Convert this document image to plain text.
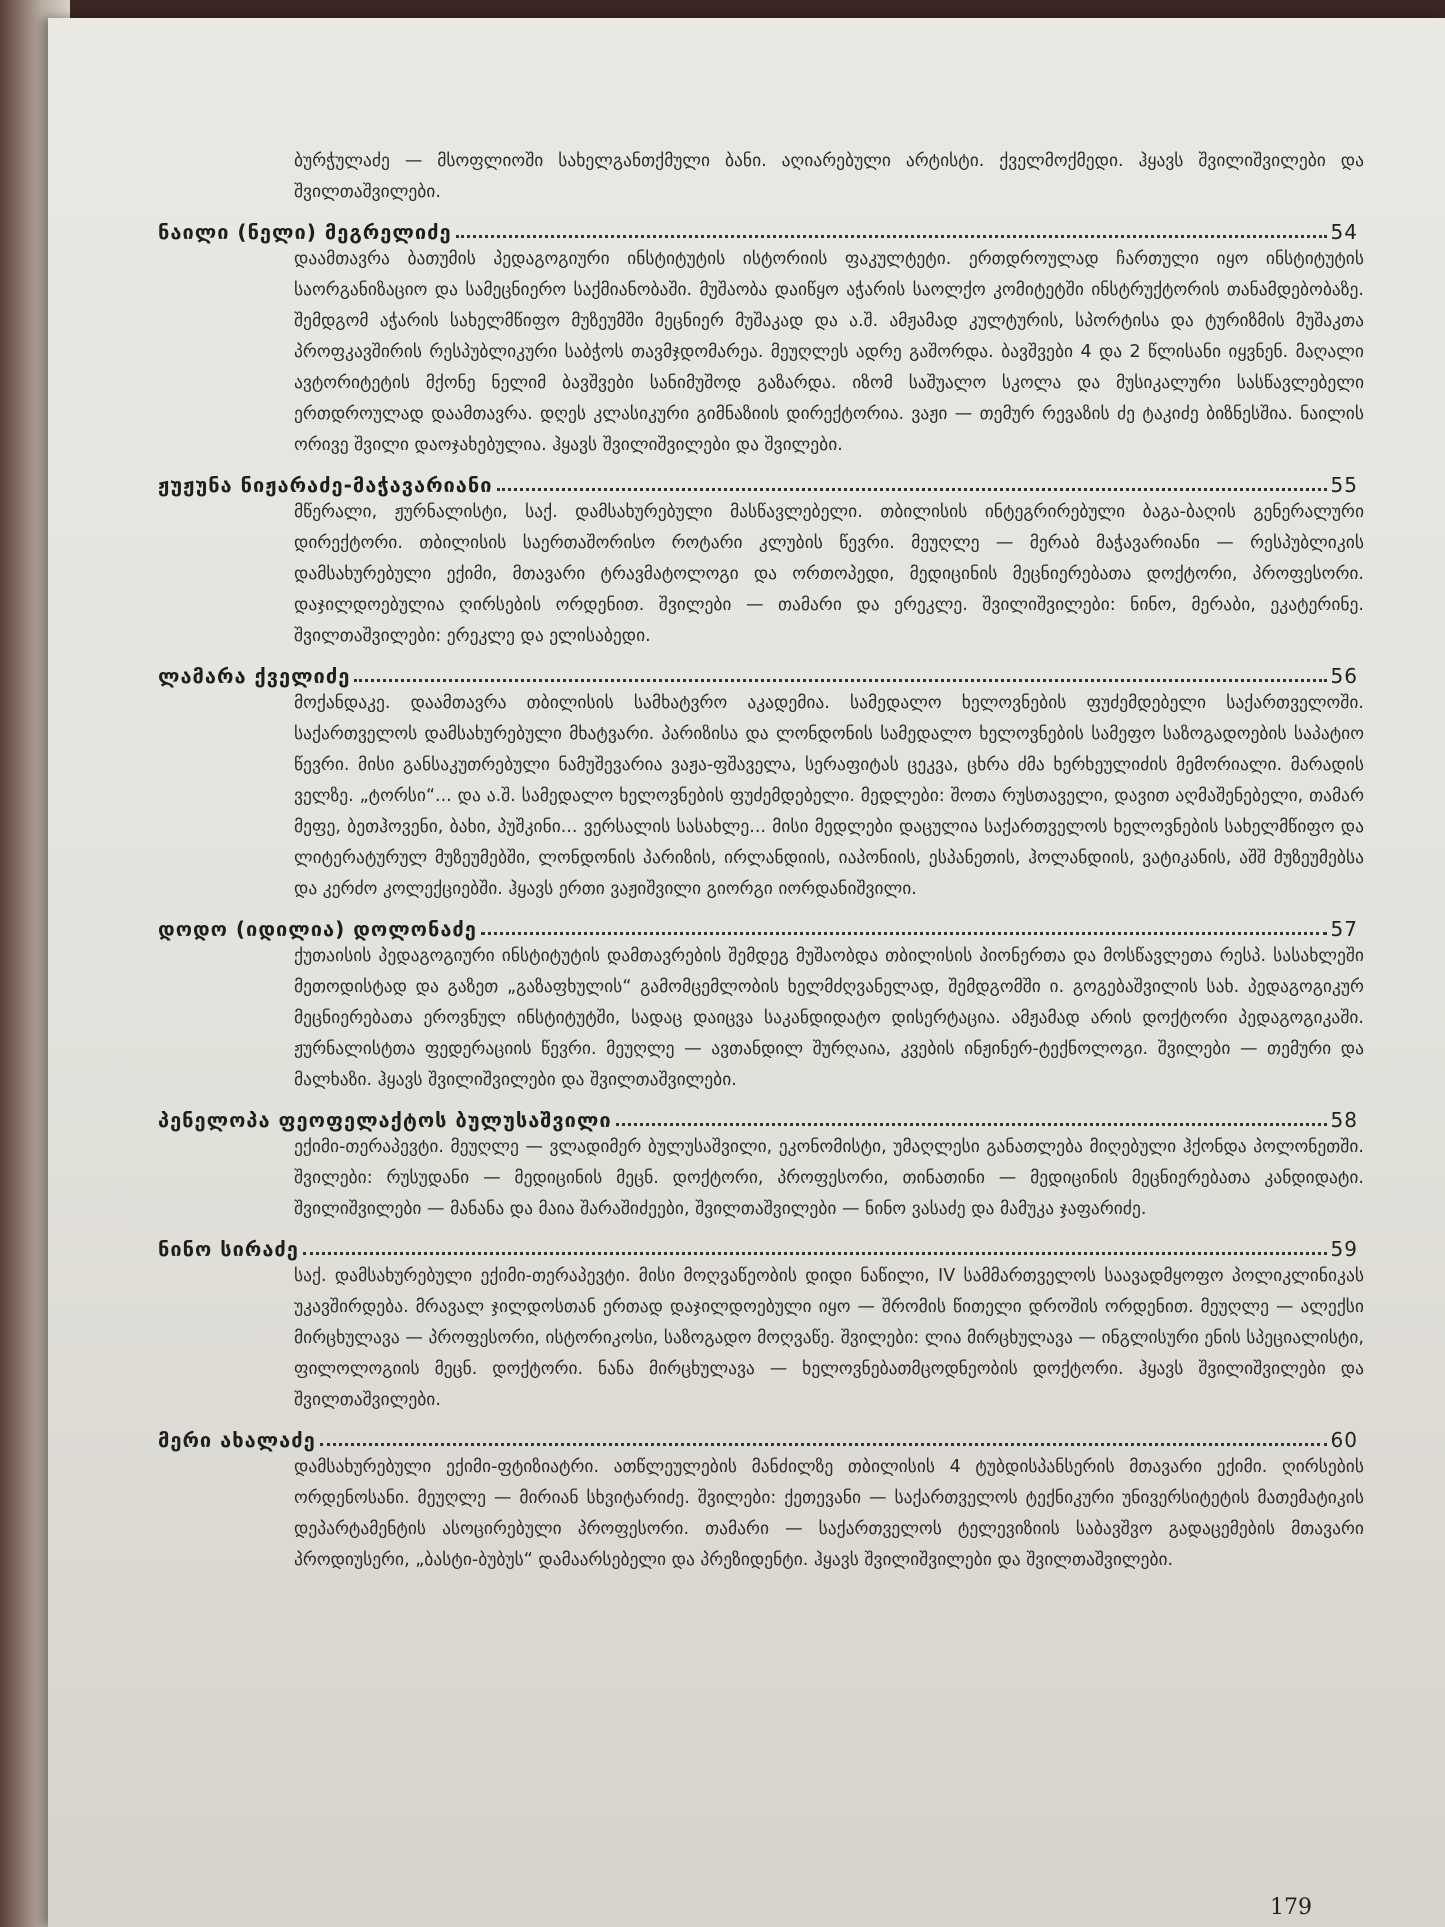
ბურჭულაძე — მსოფლიოში სახელგანთქმული ბანი. აღიარებული არტისტი. ქველმოქმედი. ჰყავს შვილიშვილები და შვილთაშვილები.
ნაილი (ნელი) მეგრელიძე	54
დაამთავრა ბათუმის პედაგოგიური ინსტიტუტის ისტორიის ფაკულტეტი. ერთდროულად ჩართული იყო ინსტიტუტის საორგანიზაციო და სამეცნიერო საქმიანობაში. მუშაობა დაიწყო აჭარის საოლქო კომიტეტში ინსტრუქტორის თანამდებობაზე. შემდგომ აჭარის სახელმწიფო მუზეუმში მეცნიერ მუშაკად და ა.შ. ამჟამად კულტურის, სპორტისა და ტურიზმის მუშაკთა პროფკავშირის რესპუბლიკური საბჭოს თავმჯდომარეა. მეუღლეს ადრე გაშორდა. ბავშვები 4 და 2 წლისანი იყვნენ. მაღალი ავტორიტეტის მქონე ნელიმ ბავშვები სანიმუშოდ გაზარდა. იზომ საშუალო სკოლა და მუსიკალური სასწავლებელი ერთდროულად დაამთავრა. დღეს კლასიკური გიმნაზიის დირექტორია. ვაჟი — თემურ რევაზის ძე ტაკიძე ბიზნესშია. ნაილის ორივე შვილი დაოჯახებულია. ჰყავს შვილიშვილები და შვილები.
ჟუჟუნა ნიჟარაძე-მაჭავარიანი	55
მწერალი, ჟურნალისტი, საქ. დამსახურებული მასწავლებელი. თბილისის ინტეგრირებული ბაგა-ბაღის გენერალური დირექტორი. თბილისის საერთაშორისო როტარი კლუბის წევრი. მეუღლე — მერაბ მაჭავარიანი — რესპუბლიკის დამსახურებული ექიმი, მთავარი ტრავმატოლოგი და ორთოპედი, მედიცინის მეცნიერებათა დოქტორი, პროფესორი. დაჯილდოებულია ღირსების ორდენით. შვილები — თამარი და ერეკლე. შვილიშვილები: ნინო, მერაბი, ეკატერინე. შვილთაშვილები: ერეკლე და ელისაბედი.
ლამარა ქველიძე	56
მოქანდაკე. დაამთავრა თბილისის სამხატვრო აკადემია. სამედალო ხელოვნების ფუძემდებელი საქართველოში. საქართველოს დამსახურებული მხატვარი. პარიზისა და ლონდონის სამედალო ხელოვნების სამეფო საზოგადოების საპატიო წევრი. მისი განსაკუთრებული ნამუშევარია ვაჟა-ფშაველა, სერაფიტას ცეკვა, ცხრა ძმა ხერხეულიძის მემორიალი. მარადის ველზე. „ტორსი“... და ა.შ. სამედალო ხელოვნების ფუძემდებელი. მედლები: შოთა რუსთაველი, დავით აღმაშენებელი, თამარ მეფე, ბეთჰოვენი, ბახი, პუშკინი... ვერსალის სასახლე... მისი მედლები დაცულია საქართველოს ხელოვნების სახელმწიფო და ლიტერატურულ მუზეუმებში, ლონდონის პარიზის, ირლანდიის, იაპონიის, ესპანეთის, ჰოლანდიის, ვატიკანის, აშშ მუზეუმებსა და კერძო კოლექციებში. ჰყავს ერთი ვაჟიშვილი გიორგი იორდანიშვილი.
დოდო (იდილია) დოლონაძე	57
ქუთაისის პედაგოგიური ინსტიტუტის დამთავრების შემდეგ მუშაობდა თბილისის პიონერთა და მოსწავლეთა რესპ. სასახლეში მეთოდისტად და გაზეთ „გაზაფხულის“ გამომცემლობის ხელმძღვანელად, შემდგომში ი. გოგებაშვილის სახ. პედაგოგიკურ მეცნიერებათა ეროვნულ ინსტიტუტში, სადაც დაიცვა საკანდიდატო დისერტაცია. ამჟამად არის დოქტორი პედაგოგიკაში. ჟურნალისტთა ფედერაციის წევრი. მეუღლე — ავთანდილ შურღაია, კვების ინჟინერ-ტექნოლოგი. შვილები — თემური და მალხაზი. ჰყავს შვილიშვილები და შვილთაშვილები.
პენელოპა ფეოფელაქტოს ბულუსაშვილი	58
ექიმი-თერაპევტი. მეუღლე — ვლადიმერ ბულუსაშვილი, ეკონომისტი, უმაღლესი განათლება მიღებული ჰქონდა პოლონეთში. შვილები: რუსუდანი — მედიცინის მეცნ. დოქტორი, პროფესორი, თინათინი — მედიცინის მეცნიერებათა კანდიდატი. შვილიშვილები — მანანა და მაია შარაშიძეები, შვილთაშვილები — ნინო ვასაძე და მამუკა ჯაფარიძე.
ნინო სირაძე	59
საქ. დამსახურებული ექიმი-თერაპევტი. მისი მოღვაწეობის დიდი ნაწილი, IV სამმართველოს საავადმყოფო პოლიკლინიკას უკავშირდება. მრავალ ჯილდოსთან ერთად დაჯილდოებული იყო — შრომის წითელი დროშის ორდენით. მეუღლე — ალექსი მირცხულავა — პროფესორი, ისტორიკოსი, საზოგადო მოღვაწე. შვილები: ლია მირცხულავა — ინგლისური ენის სპეციალისტი, ფილოლოგიის მეცნ. დოქტორი. ნანა მირცხულავა — ხელოვნებათმცოდნეობის დოქტორი. ჰყავს შვილიშვილები და შვილთაშვილები.
მერი ახალაძე	60
დამსახურებული ექიმი-ფტიზიატრი. ათწლეულების მანძილზე თბილისის 4 ტუბდისპანსერის მთავარი ექიმი. ღირსების ორდენოსანი. მეუღლე — მირიან სხვიტარიძე. შვილები: ქეთევანი — საქართველოს ტექნიკური უნივერსიტეტის მათემატიკის დეპარტამენტის ასოცირებული პროფესორი. თამარი — საქართველოს ტელევიზიის საბავშვო გადაცემების მთავარი პროდიუსერი, „ბასტი-ბუბუს“ დამაარსებელი და პრეზიდენტი. ჰყავს შვილიშვილები და შვილთაშვილები.
179
